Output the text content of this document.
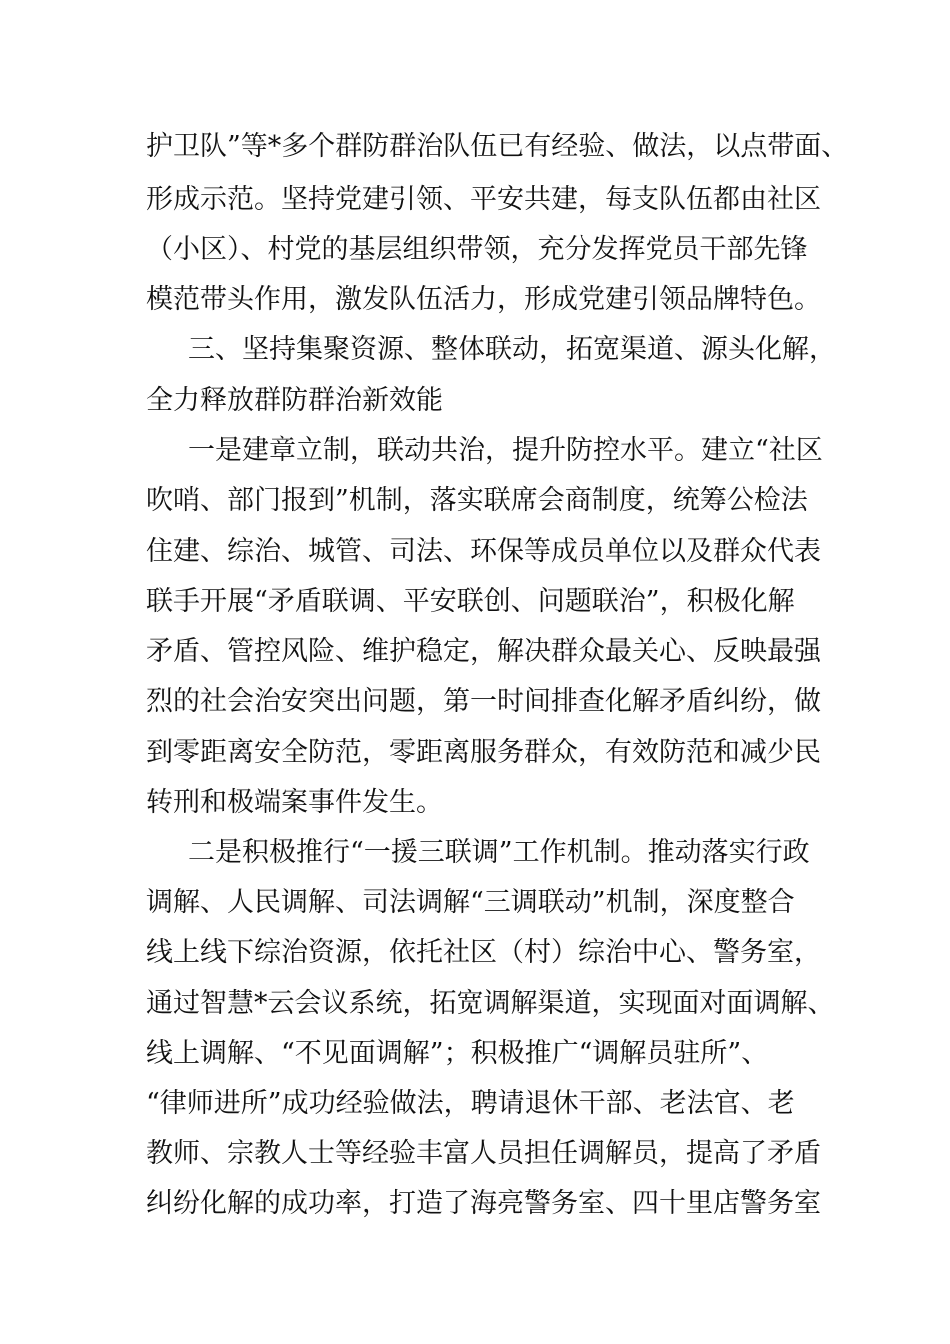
护卫队”等*多个群防群治队伍已有经验、做法，以点带面、
形成示范。坚持党建引领、平安共建，每支队伍都由社区
（小区）、村党的基层组织带领，充分发挥党员干部先锋
模范带头作用，激发队伍活力，形成党建引领品牌特色。
三、坚持集聚资源、整体联动，拓宽渠道、源头化解，
全力释放群防群治新效能
一是建章立制，联动共治，提升防控水平。建立“社区
吹哨、部门报到”机制，落实联席会商制度，统筹公检法
住建、综治、城管、司法、环保等成员单位以及群众代表
联手开展“矛盾联调、平安联创、问题联治”，积极化解
矛盾、管控风险、维护稳定，解决群众最关心、反映最强
烈的社会治安突出问题，第一时间排查化解矛盾纠纷，做
到零距离安全防范，零距离服务群众，有效防范和减少民
转刑和极端案事件发生。
二是积极推行“一援三联调”工作机制。推动落实行政
调解、人民调解、司法调解“三调联动”机制，深度整合
线上线下综治资源，依托社区（村）综治中心、警务室，
通过智慧*云会议系统，拓宽调解渠道，实现面对面调解、
线上调解、“不见面调解”；积极推广“调解员驻所”、
“律师进所”成功经验做法，聘请退休干部、老法官、老
教师、宗教人士等经验丰富人员担任调解员，提高了矛盾
纠纷化解的成功率，打造了海亮警务室、四十里店警务室
